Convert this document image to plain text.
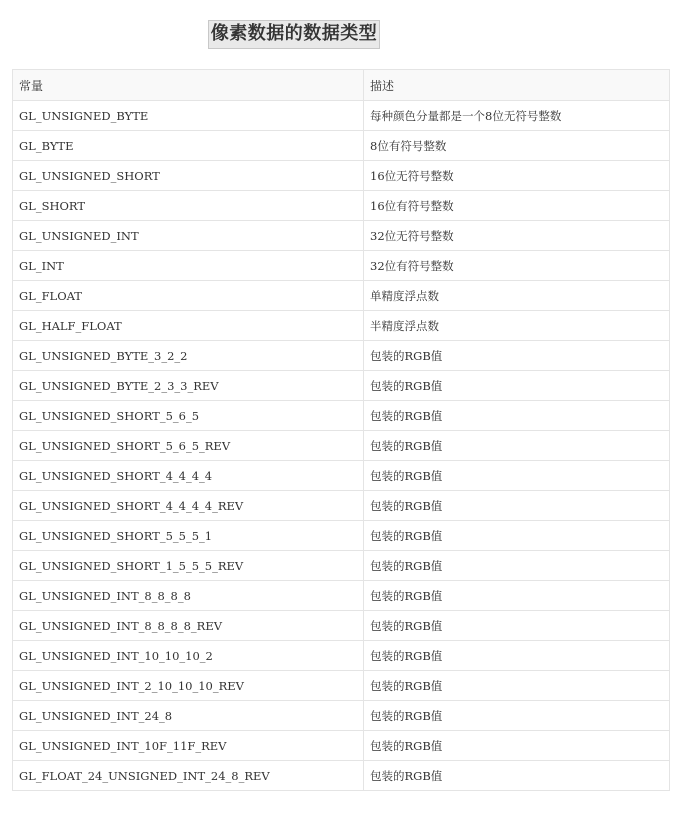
像素数据的数据类型
常量	描述
GL_UNSIGNED_BYTE	每种颜色分量都是一个8位无符号整数
GL_BYTE	8位有符号整数
GL_UNSIGNED_SHORT	16位无符号整数
GL_SHORT	16位有符号整数
GL_UNSIGNED_INT	32位无符号整数
GL_INT	32位有符号整数
GL_FLOAT	单精度浮点数
GL_HALF_FLOAT	半精度浮点数
GL_UNSIGNED_BYTE_3_2_2	包装的RGB值
GL_UNSIGNED_BYTE_2_3_3_REV	包装的RGB值
GL_UNSIGNED_SHORT_5_6_5	包装的RGB值
GL_UNSIGNED_SHORT_5_6_5_REV	包装的RGB值
GL_UNSIGNED_SHORT_4_4_4_4	包装的RGB值
GL_UNSIGNED_SHORT_4_4_4_4_REV	包装的RGB值
GL_UNSIGNED_SHORT_5_5_5_1	包装的RGB值
GL_UNSIGNED_SHORT_1_5_5_5_REV	包装的RGB值
GL_UNSIGNED_INT_8_8_8_8	包装的RGB值
GL_UNSIGNED_INT_8_8_8_8_REV	包装的RGB值
GL_UNSIGNED_INT_10_10_10_2	包装的RGB值
GL_UNSIGNED_INT_2_10_10_10_REV	包装的RGB值
GL_UNSIGNED_INT_24_8	包装的RGB值
GL_UNSIGNED_INT_10F_11F_REV	包装的RGB值
GL_FLOAT_24_UNSIGNED_INT_24_8_REV	包装的RGB值
